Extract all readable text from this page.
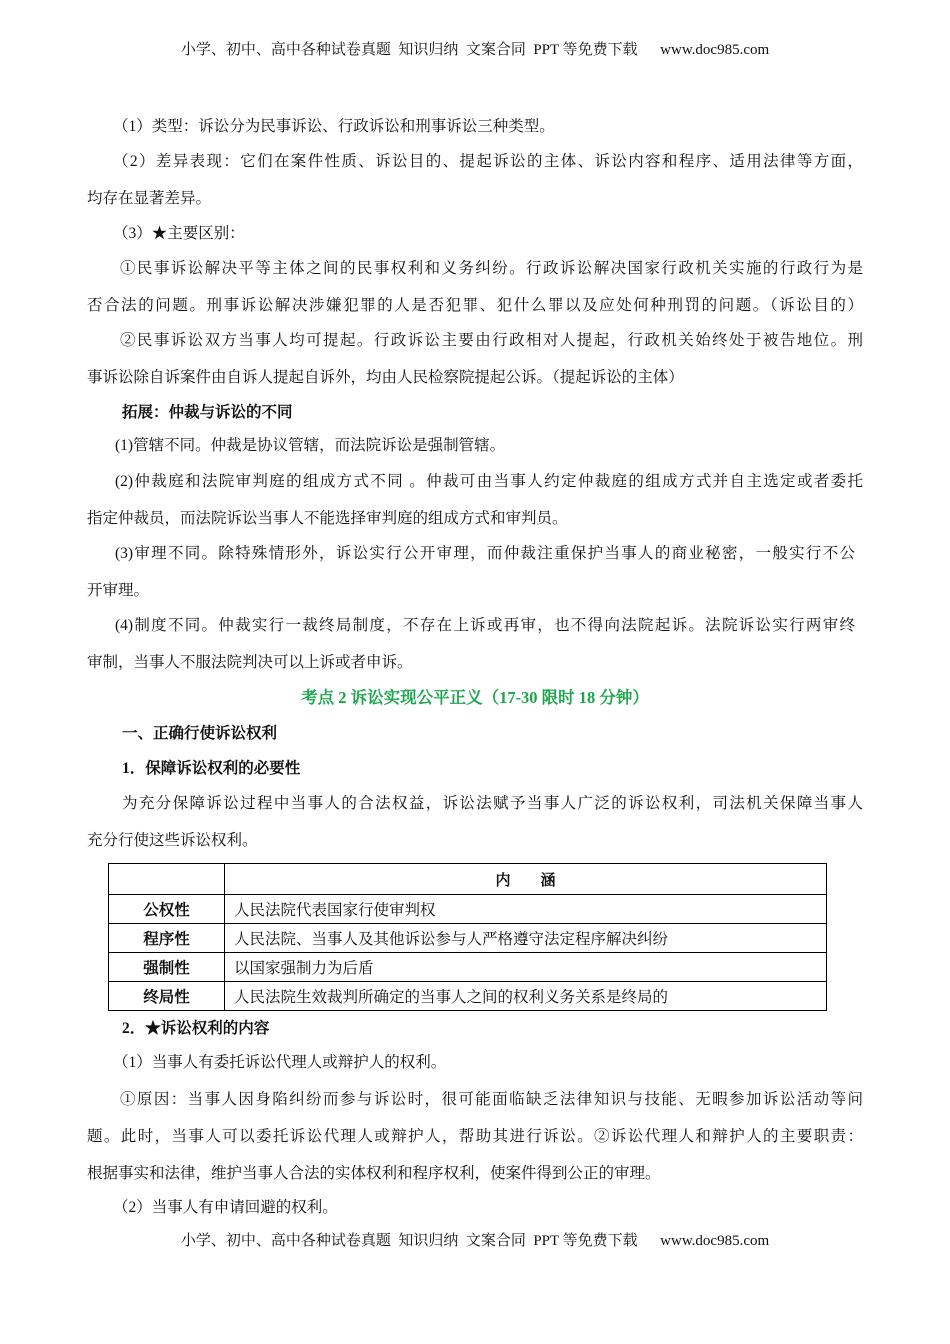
小学、初中、高中各种试卷真题  知识归纳  文案合同  PPT 等免费下载      www.doc985.com
（1）类型：诉讼分为民事诉讼、行政诉讼和刑事诉讼三种类型。
（2）差异表现：它们在案件性质、诉讼目的、提起诉讼的主体、诉讼内容和程序、适用法律等方面，
均存在显著差异。
（3）★主要区别：
①民事诉讼解决平等主体之间的民事权利和义务纠纷。行政诉讼解决国家行政机关实施的行政行为是
否合法的问题。刑事诉讼解决涉嫌犯罪的人是否犯罪、犯什么罪以及应处何种刑罚的问题。（诉讼目的）
②民事诉讼双方当事人均可提起。行政诉讼主要由行政相对人提起，行政机关始终处于被告地位。刑
事诉讼除自诉案件由自诉人提起自诉外，均由人民检察院提起公诉。（提起诉讼的主体）
拓展：仲裁与诉讼的不同
(1)管辖不同。仲裁是协议管辖，而法院诉讼是强制管辖。
(2)仲裁庭和法院审判庭的组成方式不同 。仲裁可由当事人约定仲裁庭的组成方式并自主选定或者委托
指定仲裁员，而法院诉讼当事人不能选择审判庭的组成方式和审判员。
(3)审理不同。除特殊情形外，诉讼实行公开审理，而仲裁注重保护当事人的商业秘密，一般实行不公
开审理。
(4)制度不同。仲裁实行一裁终局制度，不存在上诉或再审，也不得向法院起诉。法院诉讼实行两审终
审制，当事人不服法院判决可以上诉或者申诉。
考点 2 诉讼实现公平正义（17-30 限时 18 分钟）
一、正确行使诉讼权利
1．保障诉讼权利的必要性
为充分保障诉讼过程中当事人的合法权益，诉讼法赋予当事人广泛的诉讼权利，司法机关保障当事人
充分行使这些诉讼权利。
	内　　涵
公权性	人民法院代表国家行使审判权
程序性	人民法院、当事人及其他诉讼参与人严格遵守法定程序解决纠纷
强制性	以国家强制力为后盾
终局性	人民法院生效裁判所确定的当事人之间的权利义务关系是终局的
2．★诉讼权利的内容
（1）当事人有委托诉讼代理人或辩护人的权利。
①原因：当事人因身陷纠纷而参与诉讼时，很可能面临缺乏法律知识与技能、无暇参加诉讼活动等问
题。此时，当事人可以委托诉讼代理人或辩护人，帮助其进行诉讼。②诉讼代理人和辩护人的主要职责：
根据事实和法律，维护当事人合法的实体权利和程序权利，使案件得到公正的审理。
（2）当事人有申请回避的权利。
小学、初中、高中各种试卷真题  知识归纳  文案合同  PPT 等免费下载      www.doc985.com
